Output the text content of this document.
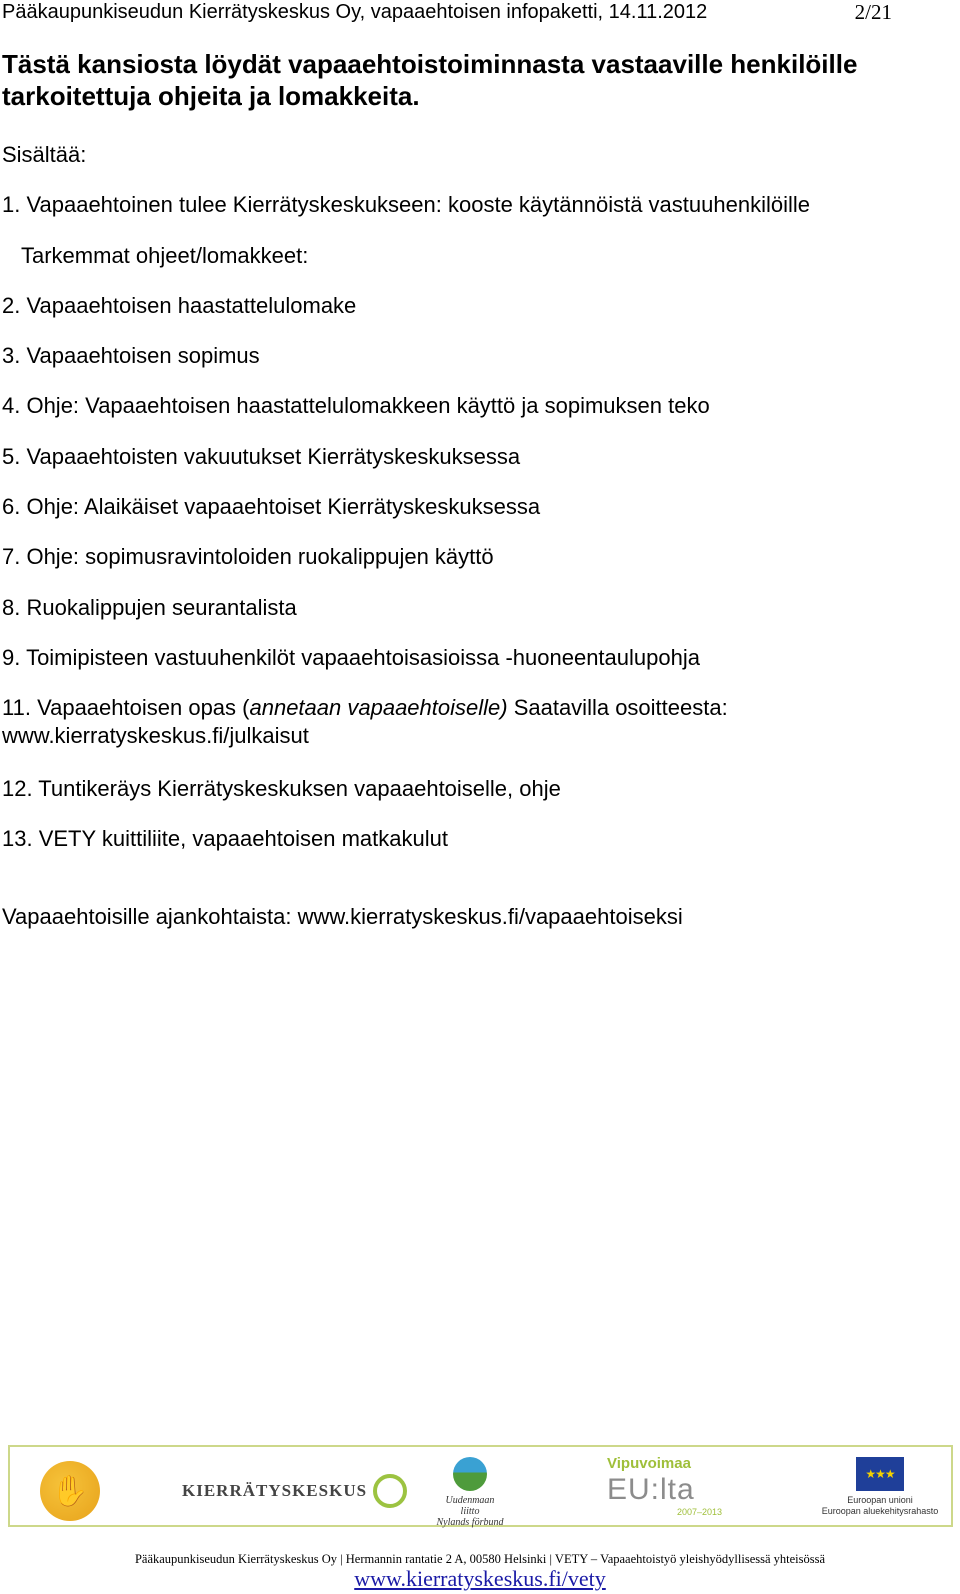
Pääkaupunkiseudun Kierrätyskeskus Oy, vapaaehtoisen infopaketti, 14.11.2012	2/21
Tästä kansiosta löydät vapaaehtoistoiminnasta vastaaville henkilöille tarkoitettuja ohjeita ja lomakkeita.

Sisältää:

1. Vapaaehtoinen tulee Kierrätyskeskukseen: kooste käytännöistä vastuuhenkilöille

Tarkemmat ohjeet/lomakkeet:

2. Vapaaehtoisen haastattelulomake

3. Vapaaehtoisen sopimus

4. Ohje: Vapaaehtoisen haastattelulomakkeen käyttö ja sopimuksen teko

5. Vapaaehtoisten vakuutukset Kierrätyskeskuksessa

6. Ohje: Alaikäiset vapaaehtoiset Kierrätyskeskuksessa

7. Ohje: sopimusravintoloiden ruokalippujen käyttö

8. Ruokalippujen seurantalista

9. Toimipisteen vastuuhenkilöt vapaaehtoisasioissa -huoneentaulupohja

11. Vapaaehtoisen opas (annetaan vapaaehtoiselle) Saatavilla osoitteesta:

www.kierratyskeskus.fi/julkaisut

12. Tuntikeräys Kierrätyskeskuksen vapaaehtoiselle, ohje

13. VETY kuittiliite, vapaaehtoisen matkakulut

Vapaaehtoisille ajankohtaista: www.kierratyskeskus.fi/vapaaehtoiseksi

✋	KIERRÄTYSKESKUS
Uudenmaan liitto
Nylands förbund
Vipuvoimaa
EU:lta
2007–2013
★★★
Euroopan unioni
Euroopan aluekehitysrahasto

Pääkaupunkiseudun Kierrätyskeskus Oy | Hermannin rantatie 2 A, 00580 Helsinki | VETY – Vapaaehtoistyö yleishyödyllisessä yhteisössä

www.kierratyskeskus.fi/vety
